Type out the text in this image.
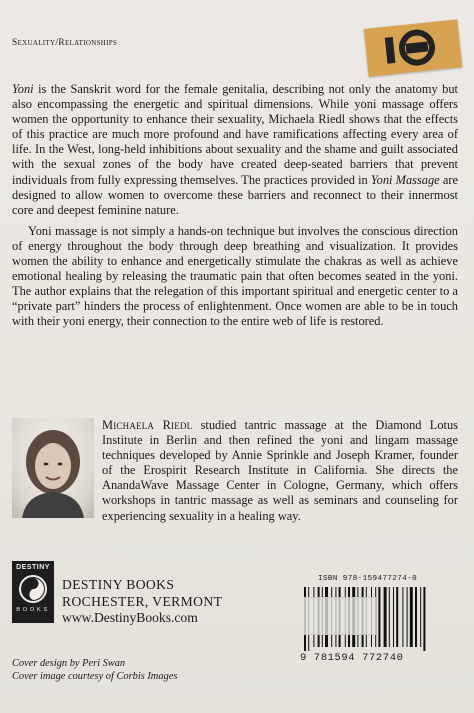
Sexuality/Relationships

Yoni is the Sanskrit word for the female genitalia, describing not only the anatomy but also encompassing the energetic and spiritual dimensions. While yoni massage offers women the opportunity to enhance their sexuality, Michaela Riedl shows that the effects of this practice are much more profound and have ramifications affecting every area of life. In the West, long-held inhibitions about sexuality and the shame and guilt associated with the sexual zones of the body have created deep-seated barriers that prevent individuals from fully expressing themselves. The practices provided in Yoni Massage are designed to allow women to overcome these barriers and reconnect to their innermost core and deepest feminine nature.

Yoni massage is not simply a hands-on technique but involves the conscious direction of energy throughout the body through deep breathing and visualization. It provides women the ability to enhance and energetically stimulate the chakras as well as achieve emotional healing by releasing the traumatic pain that often becomes seated in the yoni. The author explains that the relegation of this important spiritual and energetic center to a “private part” hinders the process of enlightenment. Once women are able to be in touch with their yoni energy, their connection to the entire web of life is restored.

Michaela Riedl studied tantric massage at the Diamond Lotus Institute in Berlin and then refined the yoni and lingam massage techniques developed by Annie Sprinkle and Joseph Kramer, founder of the Erospirit Research Institute in California. She directs the AnandaWave Massage Center in Cologne, Germany, which offers workshops in tantric massage as well as seminars and counseling for experiencing sexuality in a healing way.
DESTINY
BOOKS
DESTINY BOOKS
ROCHESTER, VERMONT
www.DestinyBooks.com
ISBN 978-159477274-0
9 781594 772740
Cover design by Peri Swan
Cover image courtesy of Corbis Images
